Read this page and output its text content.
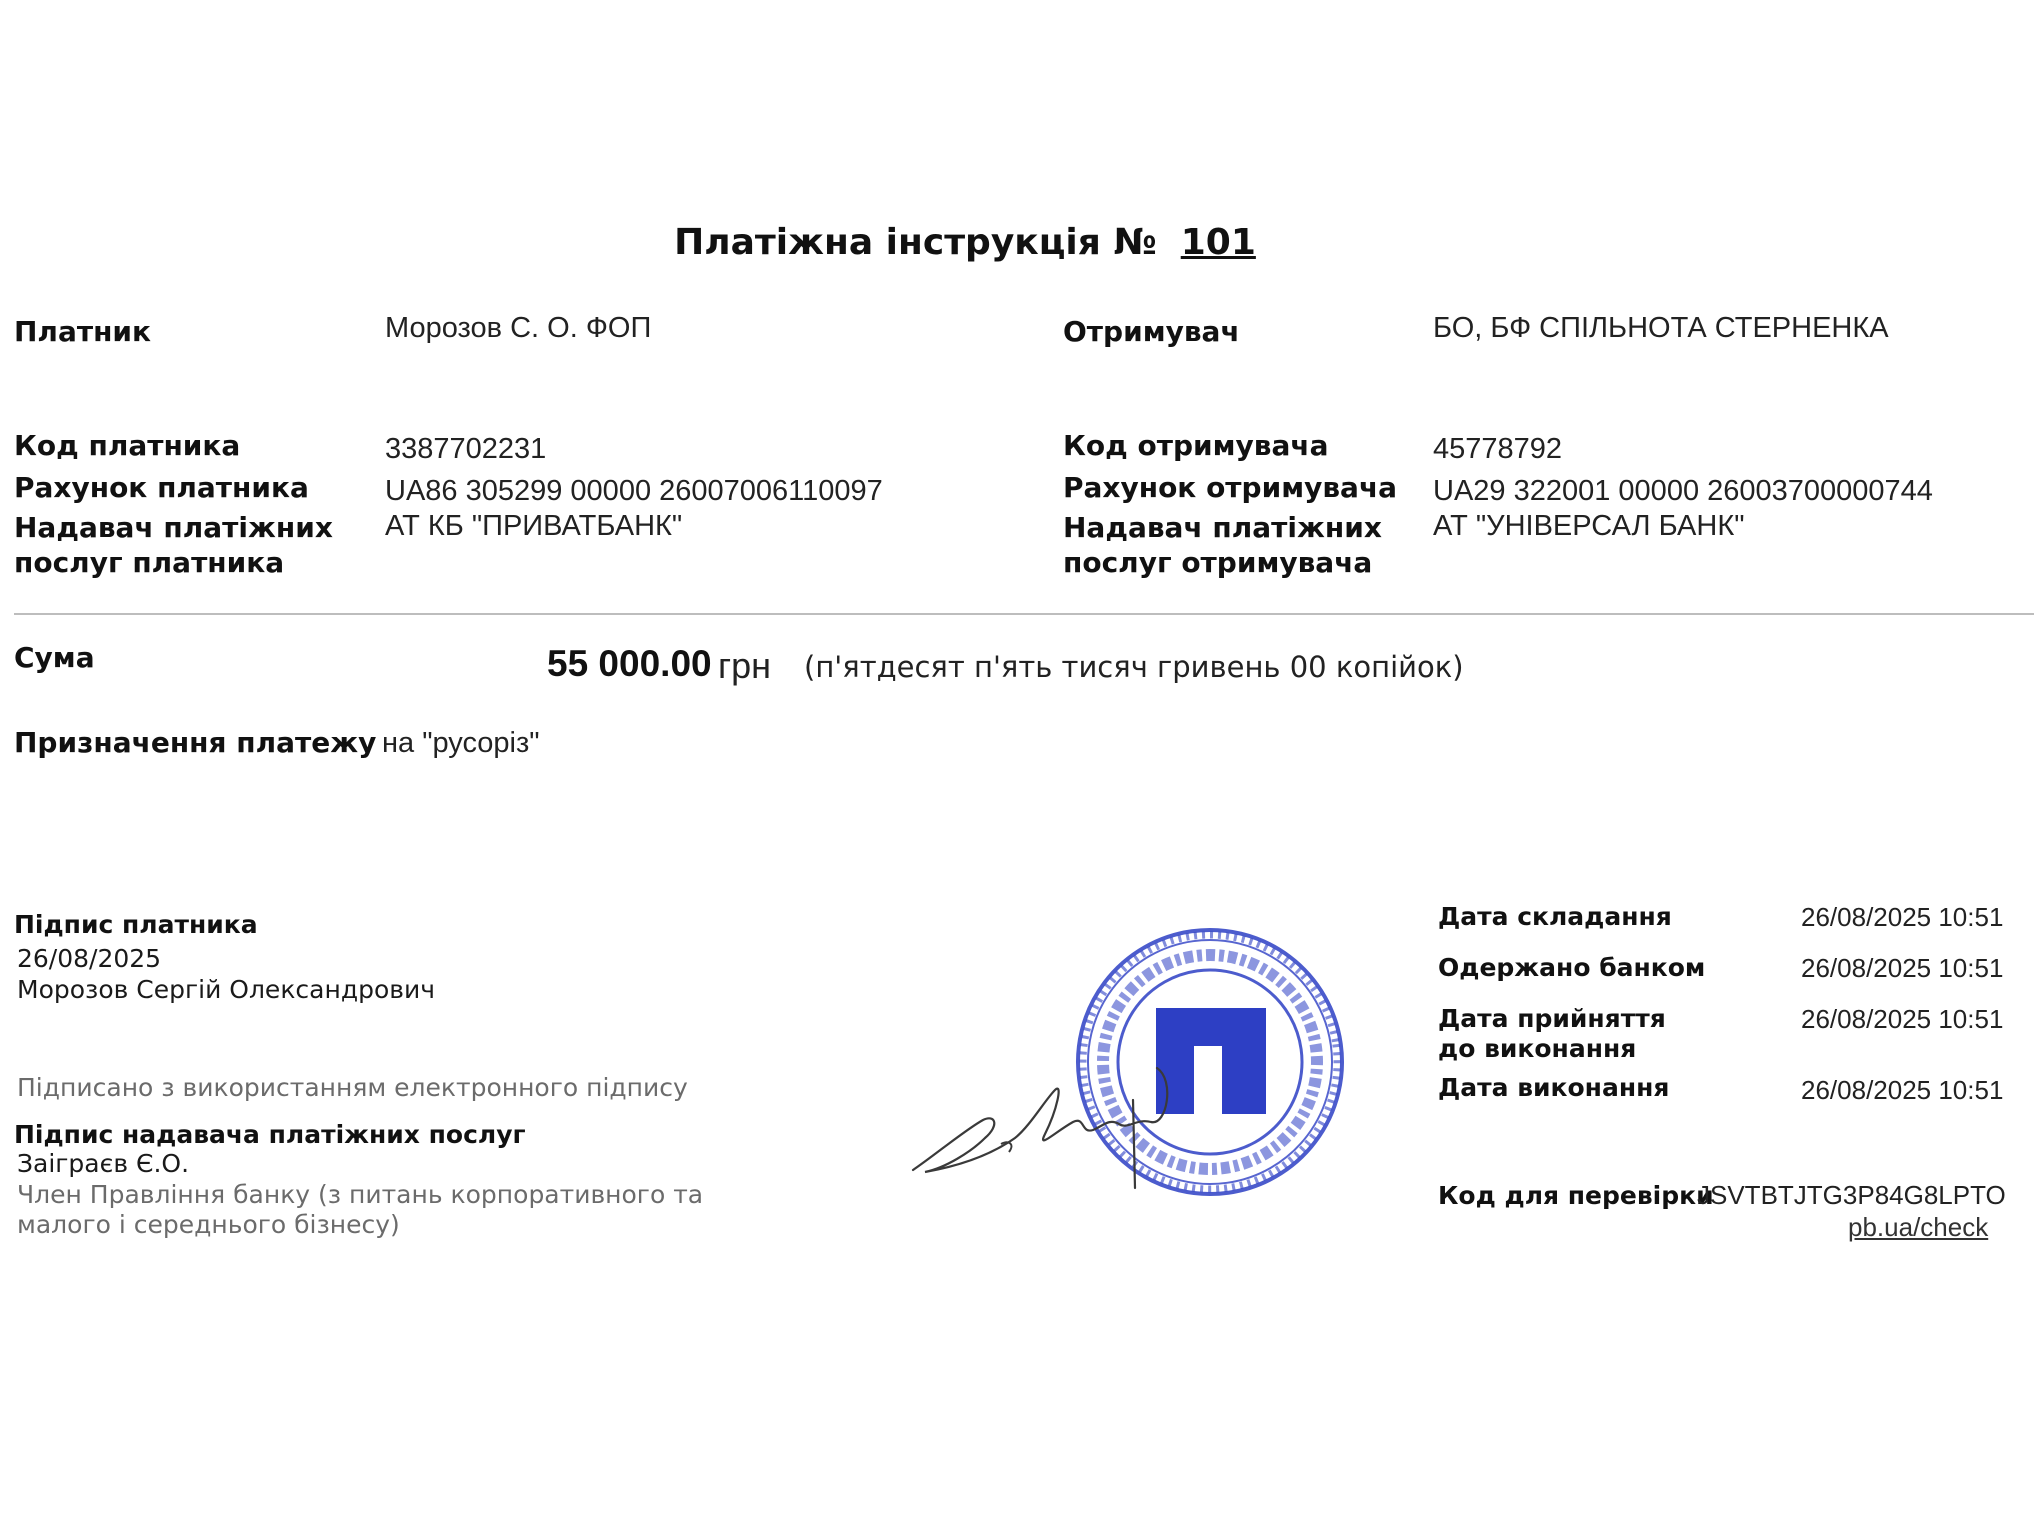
Платіжна інструкція № 101
Платник	Морозов С. О. ФОП
Код платника	3387702231
Рахунок платника	UA86 305299 00000 26007006110097
Надавач платіжних
послуг платника
АТ КБ "ПРИВАТБАНК"
Отримувач	БО, БФ СПІЛЬНОТА СТЕРНЕНКА
Код отримувача	45778792
Рахунок отримувача UA29 322001 00000 26003700000744
Надавач платіжних
послуг отримувача
АТ "УНІВЕРСАЛ БАНК"
Сума	55 000.00 грн (п'ятдесят п'ять тисяч гривень 00 копійок)
Призначення платежу на "русоріз"
Підпис платника
26/08/2025
Морозов Сергій Олександрович
Підписано з використанням електронного підпису
Підпис надавача платіжних послуг
Заіграєв Є.О.
Член Правління банку (з питань корпоративного та
малого і середнього бізнесу)
Дата складання	26/08/2025 10:51
Одержано банком	26/08/2025 10:51
Дата прийняття
до виконання
26/08/2025 10:51
Дата виконання	26/08/2025 10:51
Код для перевірки
JSVTBTJTG3P84G8LPTO
pb.ua/check
